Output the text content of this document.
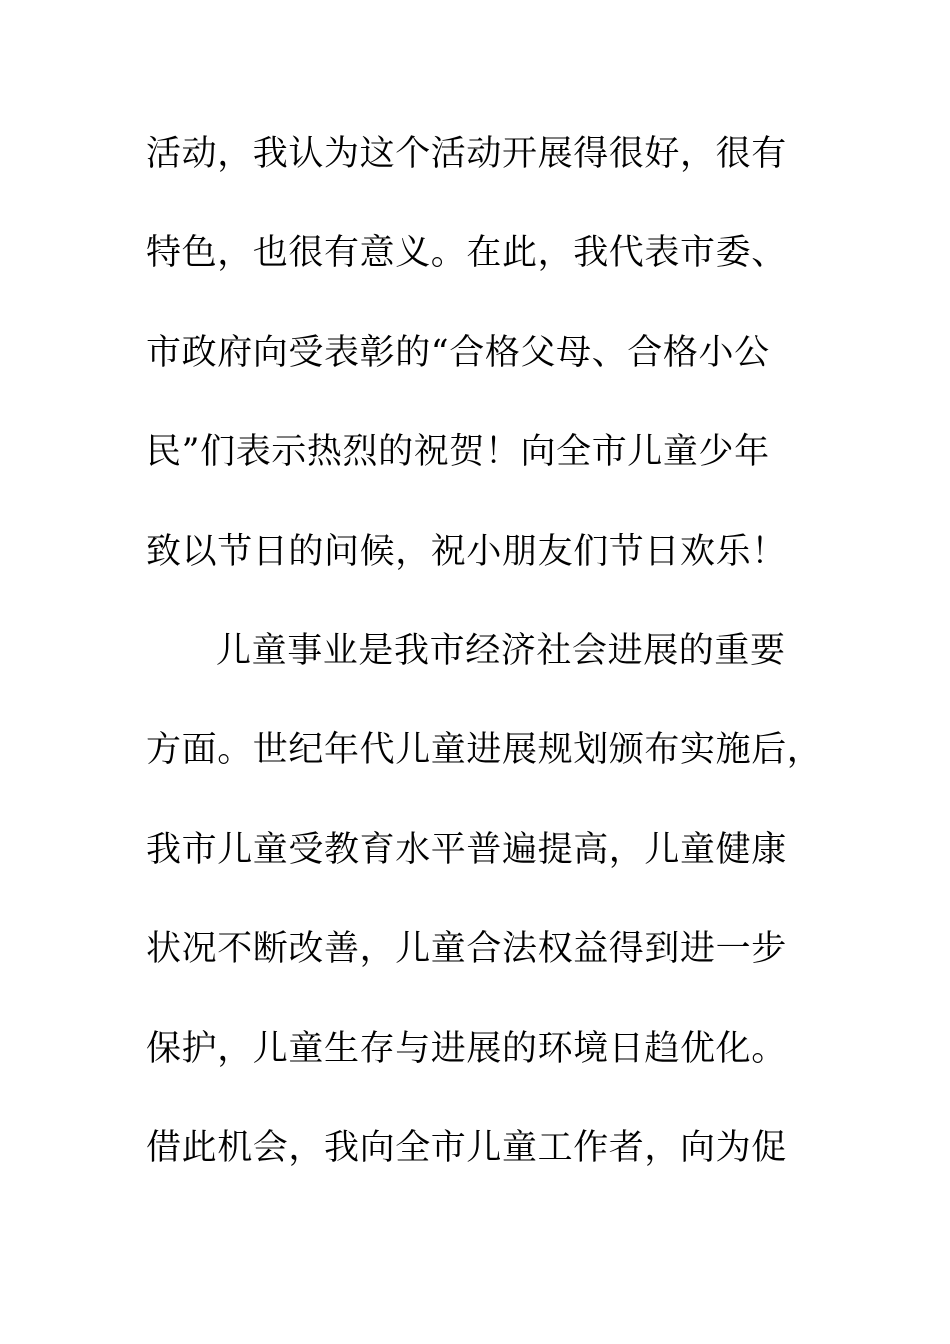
活动，我认为这个活动开展得很好，很有
特色，也很有意义。在此，我代表市委、
市政府向受表彰的“合格父母、合格小公
民”们表示热烈的祝贺！向全市儿童少年
致以节日的问候，祝小朋友们节日欢乐！
儿童事业是我市经济社会进展的重要
方面。世纪年代儿童进展规划颁布实施后，
我市儿童受教育水平普遍提高，儿童健康
状况不断改善，儿童合法权益得到进一步
保护，儿童生存与进展的环境日趋优化。
借此机会，我向全市儿童工作者，向为促
